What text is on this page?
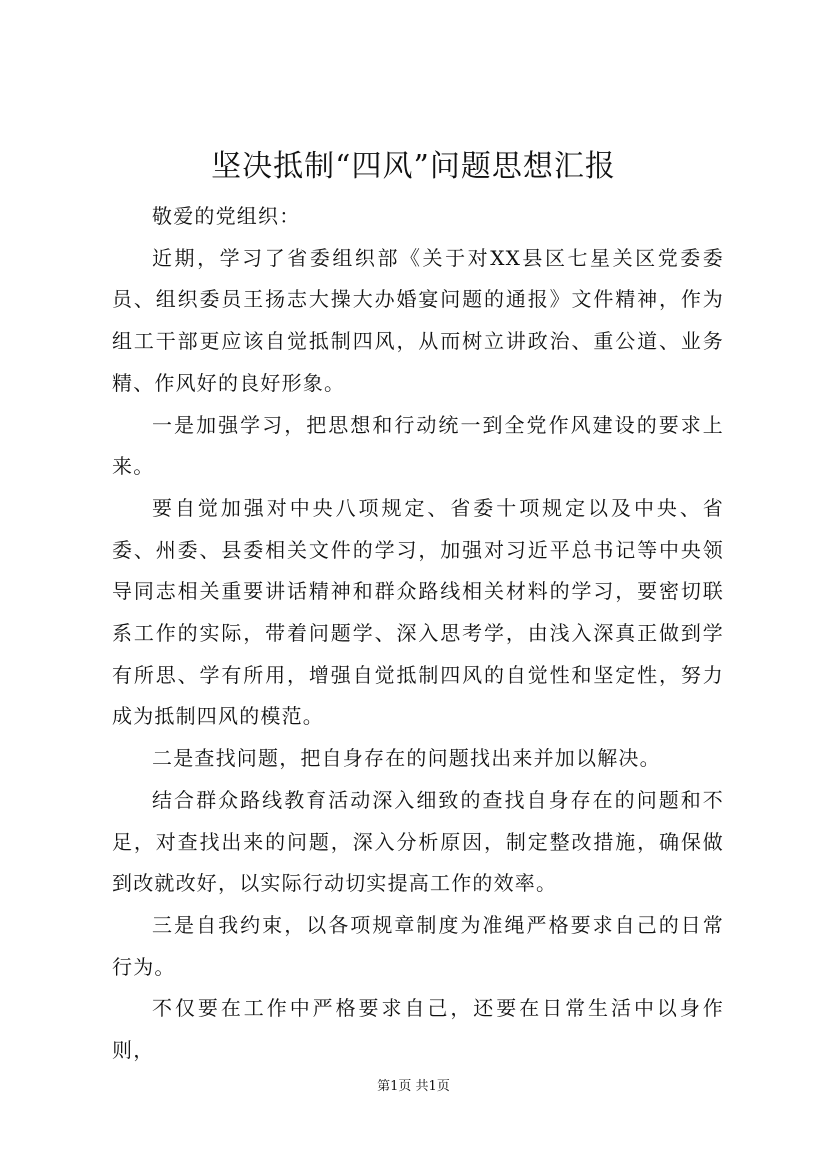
坚决抵制“四风”问题思想汇报

敬爱的党组织：

近期，学习了省委组织部《关于对XX县区七星关区党委委员、组织委员王扬志大操大办婚宴问题的通报》文件精神，作为组工干部更应该自觉抵制四风，从而树立讲政治、重公道、业务精、作风好的良好形象。

一是加强学习，把思想和行动统一到全党作风建设的要求上来。

要自觉加强对中央八项规定、省委十项规定以及中央、省委、州委、县委相关文件的学习，加强对习近平总书记等中央领导同志相关重要讲话精神和群众路线相关材料的学习，要密切联系工作的实际，带着问题学、深入思考学，由浅入深真正做到学有所思、学有所用，增强自觉抵制四风的自觉性和坚定性，努力成为抵制四风的模范。

二是查找问题，把自身存在的问题找出来并加以解决。

结合群众路线教育活动深入细致的查找自身存在的问题和不足，对查找出来的问题，深入分析原因，制定整改措施，确保做到改就改好，以实际行动切实提高工作的效率。

三是自我约束，以各项规章制度为准绳严格要求自己的日常行为。

不仅要在工作中严格要求自己，还要在日常生活中以身作则，

第1页 共1页
